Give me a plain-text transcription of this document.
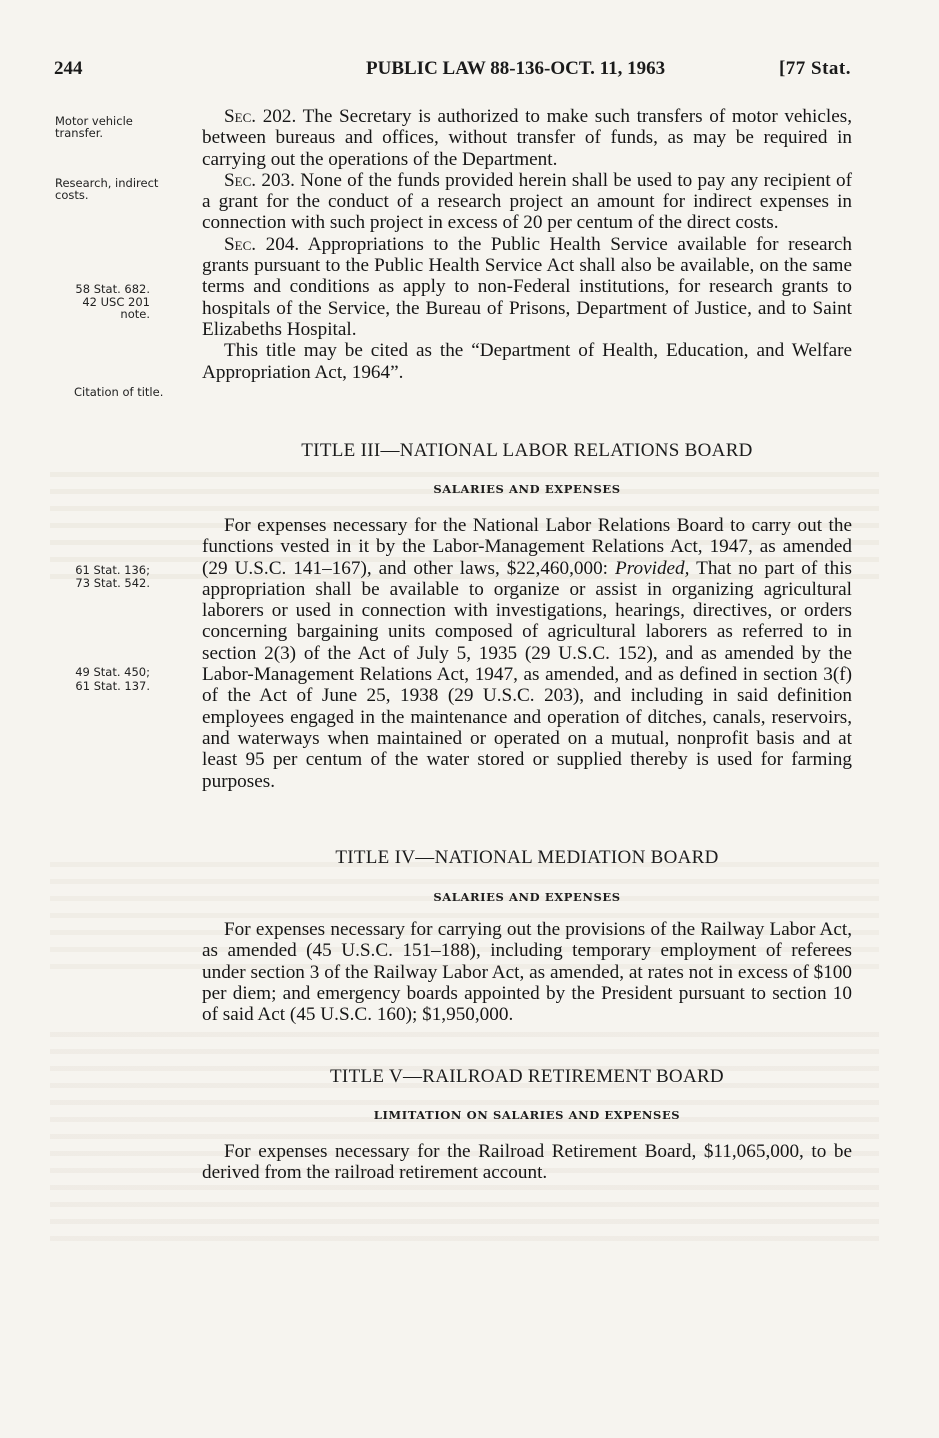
244	PUBLIC LAW 88-136-OCT. 11, 1963	[77 Stat.
Motor vehicle transfer.
Research, indirect costs.
58 Stat. 682.
42 USC 201 note.
Citation of title.
61 Stat. 136;
73 Stat. 542.
49 Stat. 450;
61 Stat. 137.

Sec. 202. The Secretary is authorized to make such transfers of motor vehicles, between bureaus and offices, without transfer of funds, as may be required in carrying out the operations of the Department.

Sec. 203. None of the funds provided herein shall be used to pay any recipient of a grant for the conduct of a research project an amount for indirect expenses in connection with such project in excess of 20 per centum of the direct costs.

Sec. 204. Appropriations to the Public Health Service available for research grants pursuant to the Public Health Service Act shall also be available, on the same terms and conditions as apply to non-Federal institutions, for research grants to hospitals of the Service, the Bureau of Prisons, Department of Justice, and to Saint Elizabeths Hospital.

This title may be cited as the “Department of Health, Education, and Welfare Appropriation Act, 1964”.

TITLE III—NATIONAL LABOR RELATIONS BOARD
SALARIES AND EXPENSES

For expenses necessary for the National Labor Relations Board to carry out the functions vested in it by the Labor-Management Relations Act, 1947, as amended (29 U.S.C. 141–167), and other laws, $22,460,000: Provided, That no part of this appropriation shall be available to organize or assist in organizing agricultural laborers or used in connection with investigations, hearings, directives, or orders concerning bargaining units composed of agricultural laborers as referred to in section 2(3) of the Act of July 5, 1935 (29 U.S.C. 152), and as amended by the Labor-Management Relations Act, 1947, as amended, and as defined in section 3(f) of the Act of June 25, 1938 (29 U.S.C. 203), and including in said definition employees engaged in the maintenance and operation of ditches, canals, reservoirs, and waterways when maintained or operated on a mutual, nonprofit basis and at least 95 per centum of the water stored or supplied thereby is used for farming purposes.

TITLE IV—NATIONAL MEDIATION BOARD
SALARIES AND EXPENSES

For expenses necessary for carrying out the provisions of the Railway Labor Act, as amended (45 U.S.C. 151–188), including temporary employment of referees under section 3 of the Railway Labor Act, as amended, at rates not in excess of $100 per diem; and emergency boards appointed by the President pursuant to section 10 of said Act (45 U.S.C. 160); $1,950,000.

TITLE V—RAILROAD RETIREMENT BOARD
LIMITATION ON SALARIES AND EXPENSES

For expenses necessary for the Railroad Retirement Board, $11,065,000, to be derived from the railroad retirement account.
